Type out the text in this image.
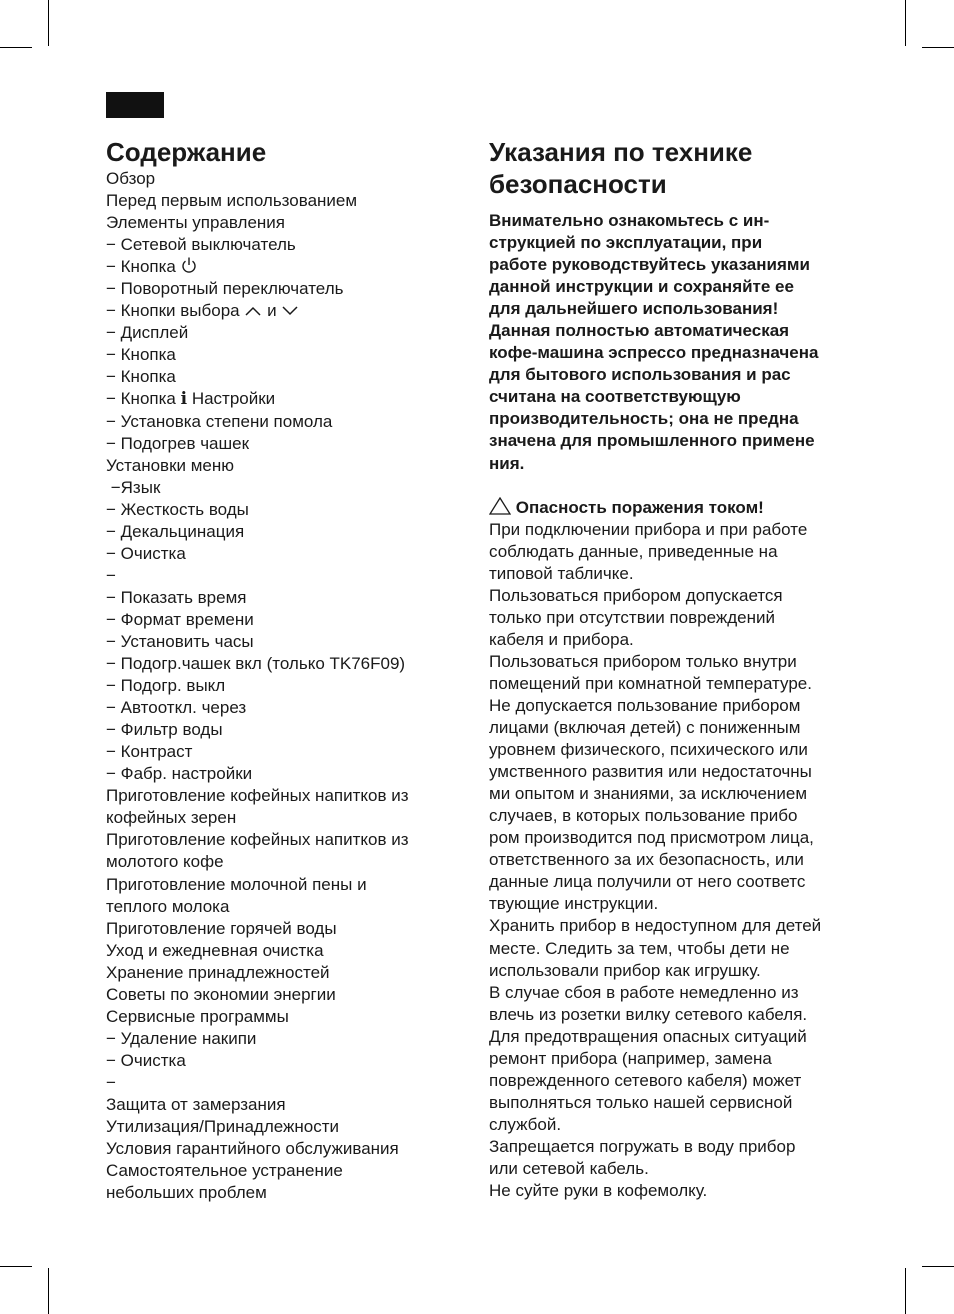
Содержание
Обзор
Перед первым использованием
Элементы управления
− Сетевой выключатель
− Кнопка
− Поворотный переключатель
− Кнопки выбора и
− Дисплей
− Кнопка
− Кнопка
− Кнопка i Настройки
− Установка степени помола
− Подогрев чашек
Установки меню
− Язык
− Жесткость воды
− Декальцинация
− Очистка
−
− Показать время
− Формат времени
− Установить часы
− Подогр.чашек вкл (только TK76F09)
− Подогр. выкл
− Автооткл. через
− Фильтр воды
− Контраст
− Фабр. настройки
Приготовление кофейных напитков из
кофейных зерен
Приготовление кофейных напитков из
молотого кофе
Приготовление молочной пены и
теплого молока
Приготовление горячей воды
Уход и ежедневная очистка
Хранение принадлежностей
Советы по экономии энергии
Сервисные программы
− Удаление накипи
− Очистка
−
Защита от замерзания
Утилизация/Принадлежности
Условия гарантийного обслуживания
Самостоятельное устранение
небольших проблем
Указания по технике
безопасности

Внимательно ознакомьтесь с ин-

струкцией по эксплуатации, при

работе руководствуйтесь указаниями

данной инструкции и сохраняйте ее

для дальнейшего использования!

Данная полностью автоматическая

кофе-машина эспрессо предназначена

для бытового использования и рас

считана на соответствующую

производительность; она не предна

значена для промышленного примене

ния.

Опасность поражения током!

При подключении прибора и при работе

соблюдать данные, приведенные на

типовой табличке.

Пользоваться прибором допускается

только при отсутствии повреждений

кабеля и прибора.

Пользоваться прибором только внутри

помещений при комнатной температуре.

Не допускается пользование прибором

лицами (включая детей) с пониженным

уровнем физического, психического или

умственного развития или недостаточны

ми опытом и знаниями, за исключением

случаев, в которых пользование прибо

ром производится под присмотром лица,

ответственного за их безопасность, или

данные лица получили от него соответс

твующие инструкции.

Хранить прибор в недоступном для детей

месте. Следить за тем, чтобы дети не

использовали прибор как игрушку.

В случае сбоя в работе немедленно из

влечь из розетки вилку сетевого кабеля.

Для предотвращения опасных ситуаций

ремонт прибора (например, замена

поврежденного сетевого кабеля) может

выполняться только нашей сервисной

службой.

Запрещается погружать в воду прибор

или сетевой кабель.

Не суйте руки в кофемолку.
